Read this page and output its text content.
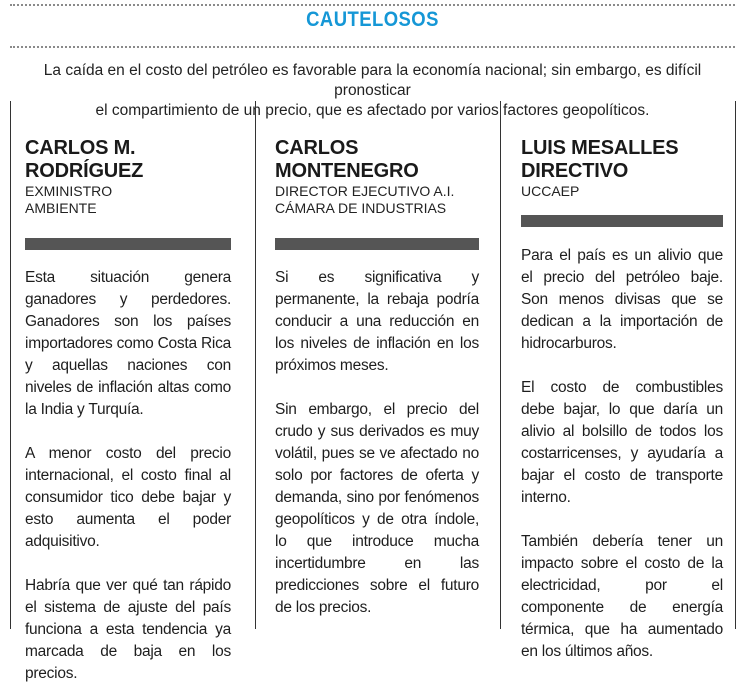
CAUTELOSOS
La caída en el costo del petróleo es favorable para la economía nacional; sin embargo, es difícil pronosticar
el compartimiento de un precio, que es afectado por varios factores geopolíticos.
CARLOS M. RODRÍGUEZ
EXMINISTRO
AMBIENTE

Esta situación genera ganadores y perdedores. Ganadores son los países importadores como Costa Rica y aquellas naciones con niveles de inflación altas como la India y Turquía.

A menor costo del precio internacional, el costo final al consumidor tico debe bajar y esto aumenta el poder adquisitivo.

Habría que ver qué tan rápido el sistema de ajuste del país funciona a esta tendencia ya marcada de baja en los precios.

CARLOS MONTENEGRO
DIRECTOR EJECUTIVO A.I.
CÁMARA DE INDUSTRIAS

Si es significativa y permanente, la rebaja podría conducir a una reducción en los niveles de inflación en los próximos meses.

Sin embargo, el precio del crudo y sus derivados es muy volátil, pues se ve afectado no solo por factores de oferta y demanda, sino por fenómenos geopolíticos y de otra índole, lo que introduce mucha incertidumbre en las predicciones sobre el futuro de los precios.

LUIS MESALLES
DIRECTIVO
UCCAEP

Para el país es un alivio que el precio del petróleo baje. Son menos divisas que se dedican a la importación de hidrocarburos.

El costo de combustibles debe bajar, lo que daría un alivio al bolsillo de todos los costarricenses, y ayudaría a bajar el costo de transporte interno.

También debería tener un impacto sobre el costo de la electricidad, por el componente de energía térmica, que ha aumentado en los últimos años.
